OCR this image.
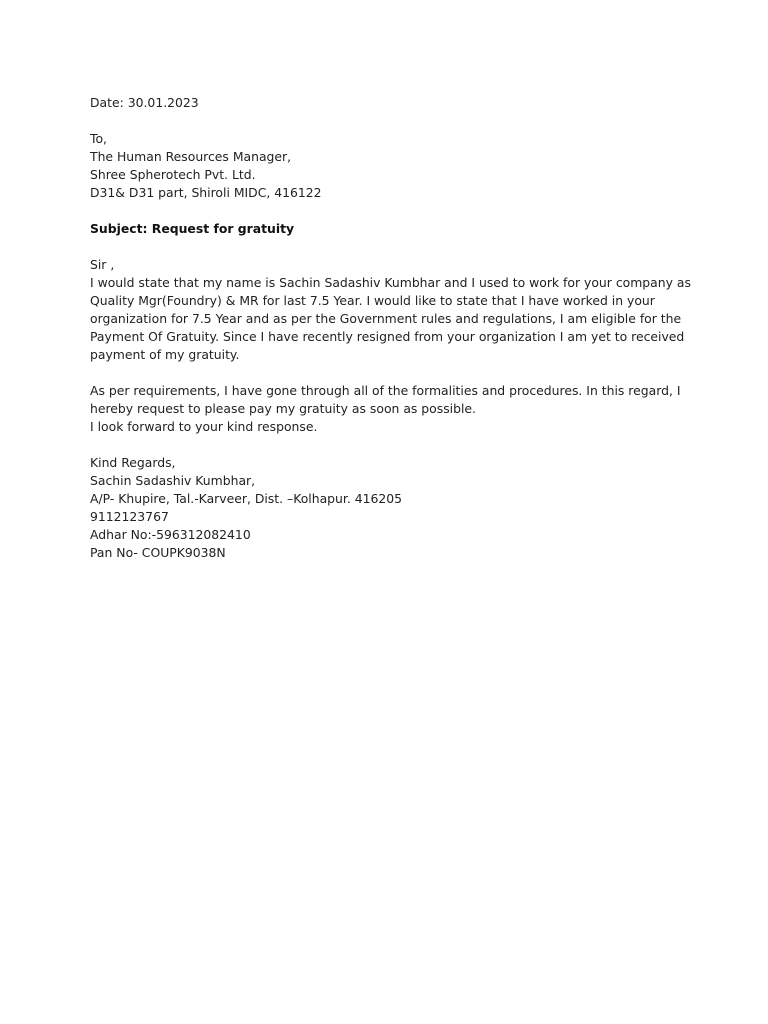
Date: 30.01.2023
To,
The Human Resources Manager,
Shree Spherotech Pvt. Ltd.
D31& D31 part, Shiroli MIDC, 416122
Subject: Request for gratuity
Sir ,
I would state that my name is Sachin Sadashiv Kumbhar and I used to work for your company as
Quality Mgr(Foundry) & MR for last 7.5 Year. I would like to state that I have worked in your
organization for 7.5 Year and as per the Government rules and regulations, I am eligible for the
Payment Of Gratuity. Since I have recently resigned from your organization I am yet to received
payment of my gratuity.
As per requirements, I have gone through all of the formalities and procedures. In this regard, I
hereby request to please pay my gratuity as soon as possible.
I look forward to your kind response.
Kind Regards,
Sachin Sadashiv Kumbhar,
A/P- Khupire, Tal.-Karveer, Dist. –Kolhapur. 416205
9112123767
Adhar No:-596312082410
Pan No- COUPK9038N
